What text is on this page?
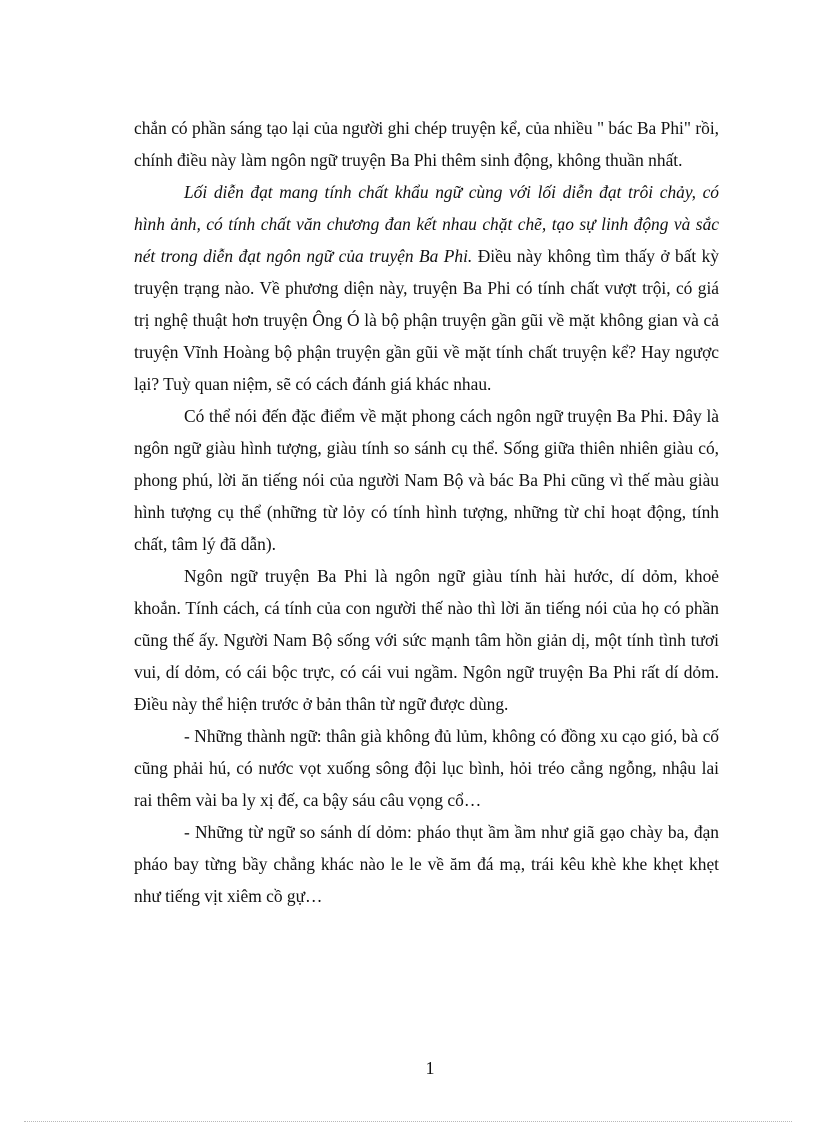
chắn có phần sáng tạo lại của người ghi chép truyện kể, của nhiều " bác Ba Phi" rồi, chính điều này làm ngôn ngữ truyện Ba Phi thêm sinh động, không thuần nhất.

Lối diễn đạt mang tính chất khẩu ngữ cùng với lối diễn đạt trôi chảy, có hình ảnh, có tính chất văn chương đan kết nhau chặt chẽ, tạo sự linh động và sắc nét trong diễn đạt ngôn ngữ của truyện Ba Phi. Điều này không tìm thấy ở bất kỳ truyện trạng nào. Về phương diện này, truyện Ba Phi có tính chất vượt trội, có giá trị nghệ thuật hơn truyện Ông Ó là bộ phận truyện gần gũi về mặt không gian và cả truyện Vĩnh Hoàng bộ phận truyện gần gũi về mặt tính chất truyện kể? Hay ngược lại? Tuỳ quan niệm, sẽ có cách đánh giá khác nhau.

Có thể nói đến đặc điểm về mặt phong cách ngôn ngữ truyện Ba Phi. Đây là ngôn ngữ giàu hình tượng, giàu tính so sánh cụ thể. Sống giữa thiên nhiên giàu có, phong phú, lời ăn tiếng nói của người Nam Bộ và bác Ba Phi cũng vì thế màu giàu hình tượng cụ thể (những từ lỏy có tính hình tượng, những từ chỉ hoạt động, tính chất, tâm lý đã dẫn).

Ngôn ngữ truyện Ba Phi là ngôn ngữ giàu tính hài hước, dí dỏm, khoẻ khoắn. Tính cách, cá tính của con người thế nào thì lời ăn tiếng nói của họ có phần cũng thế ấy. Người Nam Bộ sống với sức mạnh tâm hồn giản dị, một tính tình tươi vui, dí dỏm, có cái bộc trực, có cái vui ngầm. Ngôn ngữ truyện Ba Phi rất dí dỏm. Điều này thể hiện trước ở bản thân từ ngữ được dùng.

- Những thành ngữ: thân già không đủ lủm, không có đồng xu cạo gió, bà cố cũng phải hú, có nước vọt xuống sông đội lục bình, hỏi tréo cẳng ngỗng, nhậu lai rai thêm vài ba ly xị đế, ca bậy sáu câu vọng cổ…

- Những từ ngữ so sánh dí dỏm: pháo thụt ầm ầm như giã gạo chày ba, đạn pháo bay từng bầy chẳng khác nào le le về ăm đá mạ, trái kêu khè khe khẹt khẹt như tiếng vịt xiêm cồ gự…

1
